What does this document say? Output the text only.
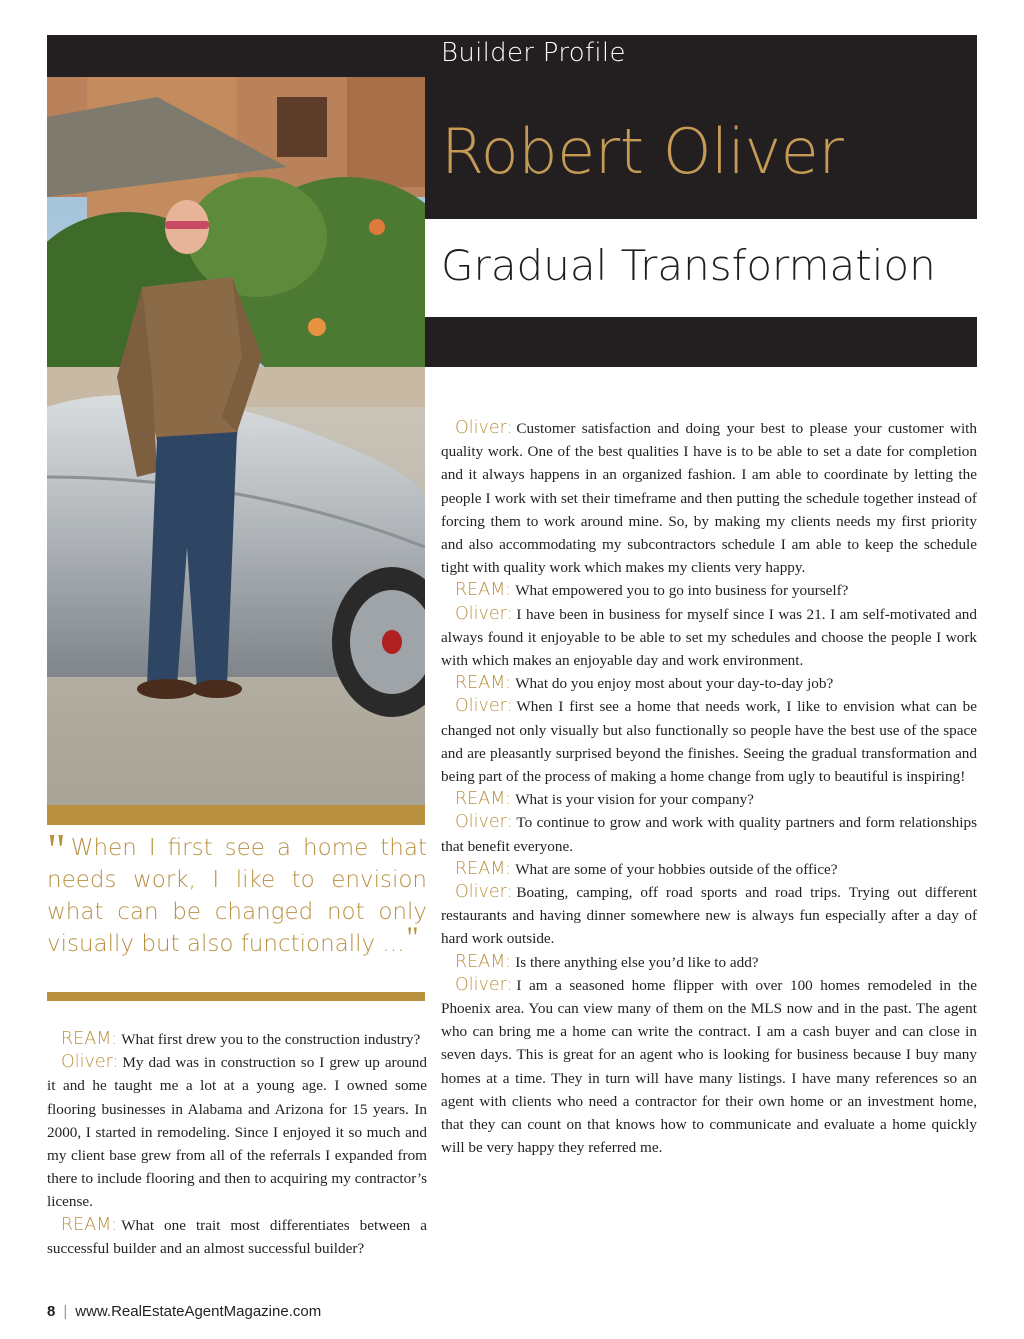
Builder Profile
Robert Oliver
Gradual Transformation
" When I first see a home that needs work, I like to envision what can be changed not only visually but also functionally ..."

REAM: What first drew you to the construction industry?

Oliver: My dad was in construction so I grew up around it and he taught me a lot at a young age. I owned some flooring businesses in Alabama and Arizona for 15 years. In 2000, I started in remodeling. Since I enjoyed it so much and my client base grew from all of the referrals I expanded from there to include flooring and then to acquiring my contractor’s license.

REAM: What one trait most differentiates between a successful builder and an almost successful builder?

Oliver: Customer satisfaction and doing your best to please your customer with quality work. One of the best qualities I have is to be able to set a date for completion and it always happens in an organized fashion. I am able to coordinate by letting the people I work with set their timeframe and then putting the schedule together instead of forcing them to work around mine. So, by making my clients needs my first priority and also accommodating my subcontractors schedule I am able to keep the schedule tight with quality work which makes my clients very happy.

REAM: What empowered you to go into business for yourself?

Oliver: I have been in business for myself since I was 21. I am self-motivated and always found it enjoyable to be able to set my schedules and choose the people I work with which makes an enjoyable day and work environment.

REAM: What do you enjoy most about your day-to-day job?

Oliver: When I first see a home that needs work, I like to envision what can be changed not only visually but also functionally so people have the best use of the space and are pleasantly surprised beyond the finishes. Seeing the gradual transformation and being part of the process of making a home change from ugly to beautiful is inspiring!

REAM: What is your vision for your company?

Oliver: To continue to grow and work with quality partners and form relationships that benefit everyone.

REAM: What are some of your hobbies outside of the office?

Oliver: Boating, camping, off road sports and road trips. Trying out different restaurants and having dinner somewhere new is always fun especially after a day of hard work outside.

REAM: Is there anything else you’d like to add?

Oliver: I am a seasoned home flipper with over 100 homes remodeled in the Phoenix area. You can view many of them on the MLS now and in the past. The agent who can bring me a home can write the contract. I am a cash buyer and can close in seven days. This is great for an agent who is looking for business because I buy many homes at a time. They in turn will have many listings. I have many references so an agent with clients who need a contractor for their own home or an investment home, that they can count on that knows how to communicate and evaluate a home quickly will be very happy they referred me.

8 | www.RealEstateAgentMagazine.com
